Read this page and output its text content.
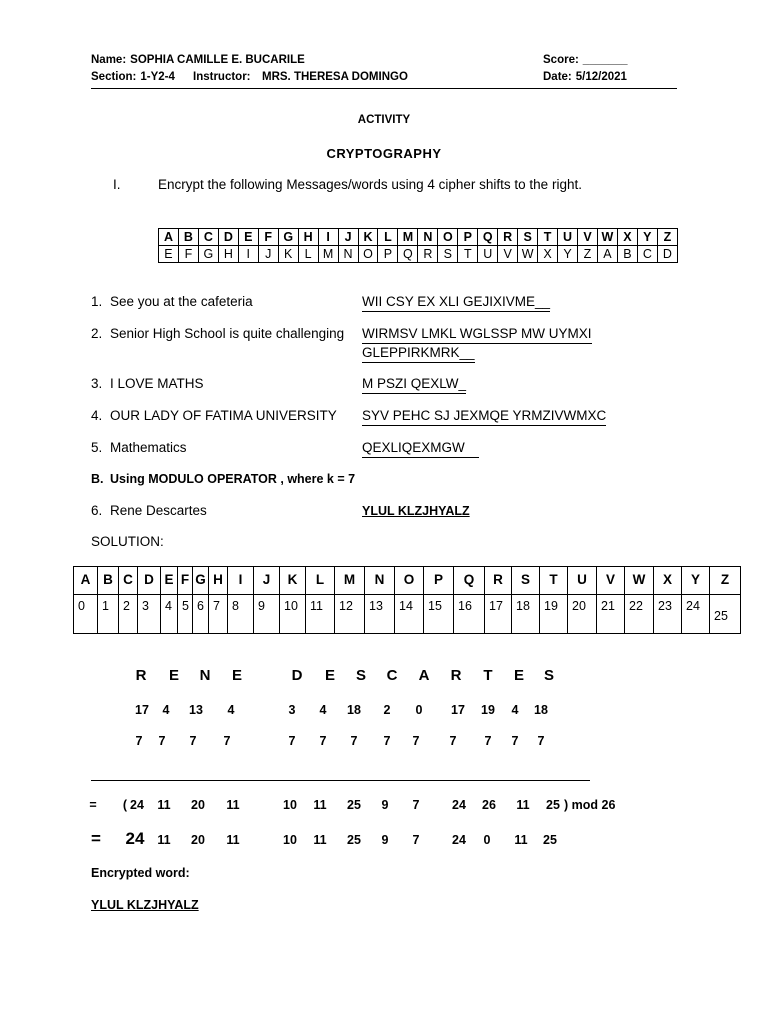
Name: SOPHIA CAMILLE E. BUCARILE	Score: _______
Section: 1-Y2-4 Instructor: MRS. THERESA DOMINGO	Date: 5/12/2021
ACTIVITY
CRYPTOGRAPHY
I.	Encrypt the following Messages/words using 4 cipher shifts to the right.
A	B	C	D	E	F	G	H	I	J	K	L	M	N	O	P	Q	R	S	T	U	V	W	X	Y	Z
E	F	G	H	I	J	K	L	M	N	O	P	Q	R	S	T	U	V	W	X	Y	Z	A	B	C	D
1. See you at the cafeteria	WII CSY EX XLI GEJIXIVME__
2. Senior High School is quite challenging WIRMSV LMKL WGLSSP MW UYMXI
GLEPPIRKMRK__
3. I LOVE MATHS	M PSZI QEXLW_
4. OUR LADY OF FATIMA UNIVERSITY SYV PEHC SJ JEXMQE YRMZIVWMXC
5. Mathematics	QEXLIQEXMGW
B. Using MODULO OPERATOR , where k = 7
6. Rene Descartes	YLUL KLZJHYALZ
SOLUTION:
A	B	C	D	E	F	G	H	I	J	K	L	M	N	O	P	Q	R	S	T	U	V	W	X	Y	Z
0	1	2	3	4	5	6	7	8	9	10	11	12	13	14	15	16	17	18	19	20	21	22	23	24	25
R E N E	D E S C A R T E S
17 4 13 4	3 4 18 2 0 17 19 4 18
7 7 7 7	7 7 7 7 7 7 7 7 7
= ( 24 11 20 11	10 11 25 9 7	24 26 11 25 ) mod 26
= 24 11 20 11	10 11 25 9 7	24 0 11 25
Encrypted word:
YLUL KLZJHYALZ
